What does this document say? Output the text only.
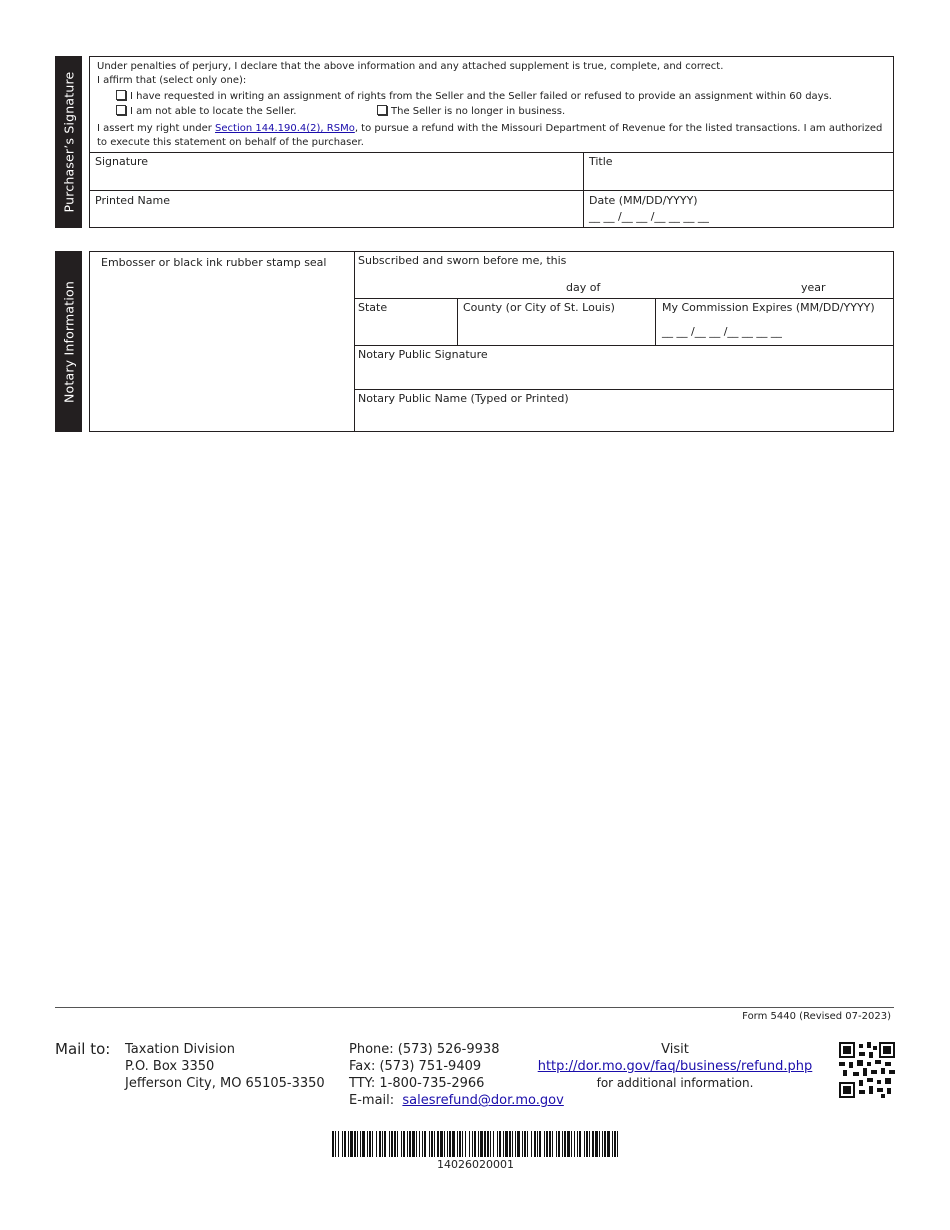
Purchaser’s Signature
Under penalties of perjury, I declare that the above information and any attached supplement is true, complete, and correct.
I affirm that (select only one):
I have requested in writing an assignment of rights from the Seller and the Seller failed or refused to provide an assignment within 60 days.
I am not able to locate the Seller.	The Seller is no longer in business.
I assert my right under Section 144.190.4(2), RSMo, to pursue a refund with the Missouri Department of Revenue for the listed transactions. I am authorized to execute this statement on behalf of the purchaser.
Signature	Title
Printed Name	Date (MM/DD/YYYY)
__ __ /__ __ /__ __ __ __
Notary Information
Embosser or black ink rubber stamp seal	Subscribed and sworn before me, this
day of	year
State	County (or City of St. Louis)	My Commission Expires (MM/DD/YYYY)
__ __ /__ __ /__ __ __ __
Notary Public Signature
Notary Public Name (Typed or Printed)
Form 5440 (Revised 07-2023)
Mail to: Taxation Division
P.O. Box 3350
Jefferson City, MO 65105-3350
Phone: (573) 526-9938
Fax: (573) 751-9409
TTY: 1-800-735-2966
E-mail: salesrefund@dor.mo.gov
Visit
http://dor.mo.gov/faq/business/refund.php
for additional information.
14026020001
